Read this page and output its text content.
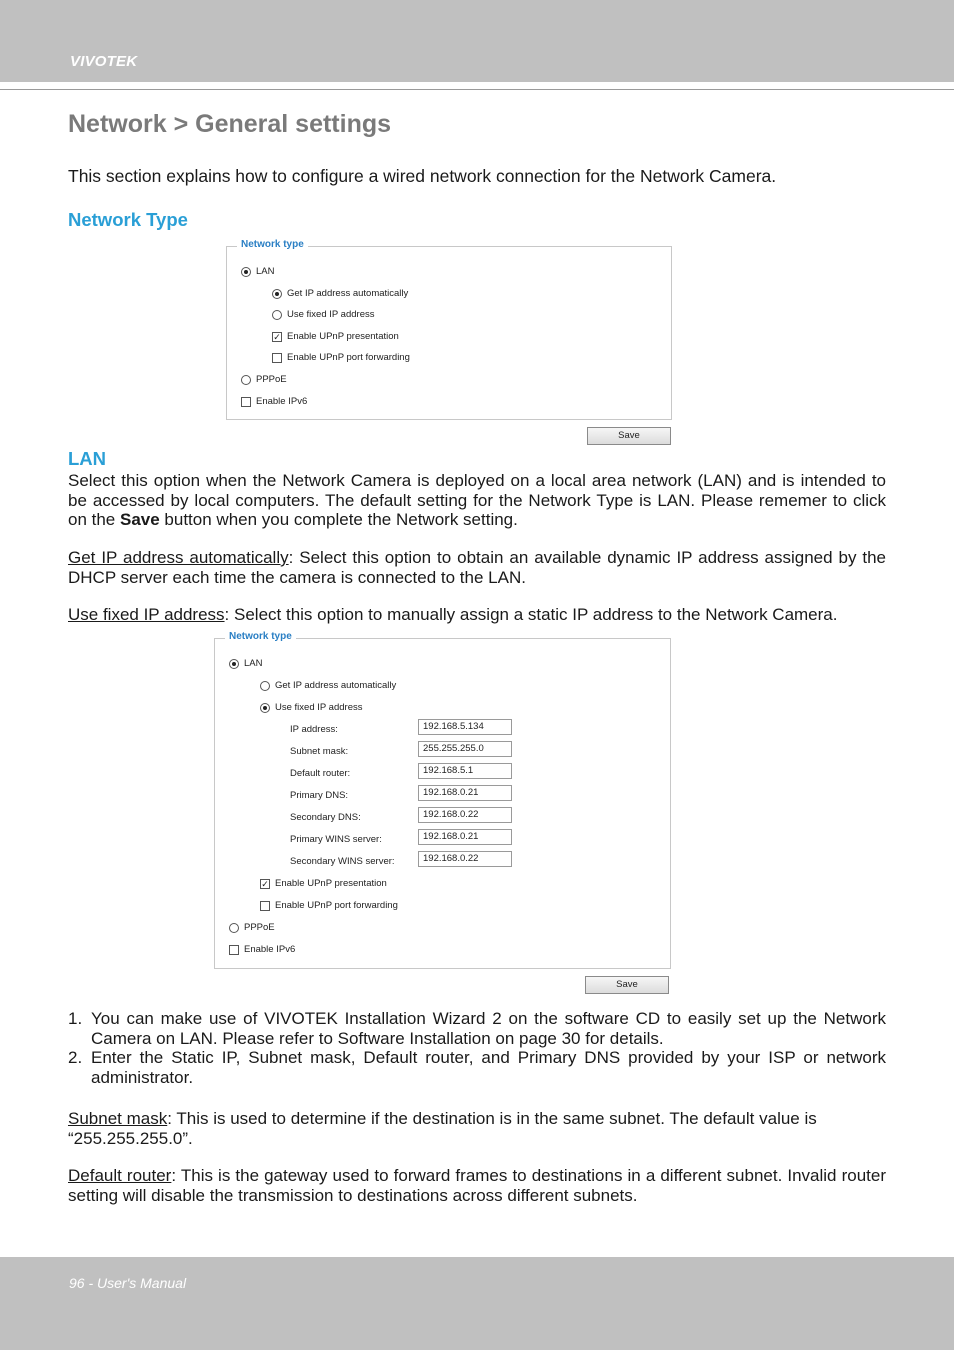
VIVOTEK
Network > General settings

This section explains how to configure a wired network connection for the Network Camera.

Network Type
Network type
LAN
Get IP address automatically
Use fixed IP address
✓ Enable UPnP presentation
Enable UPnP port forwarding
PPPoE
Enable IPv6
Save
LAN

Select this option when the Network Camera is deployed on a local area network (LAN) and is intended to be accessed by local computers. The default setting for the Network Type is LAN. Please rememer to click on the Save button when you complete the Network setting.

Get IP address automatically: Select this option to obtain an available dynamic IP address assigned by the DHCP server each time the camera is connected to the LAN.

Use fixed IP address: Select this option to manually assign a static IP address to the Network Camera.

Network type
LAN
Get IP address automatically
Use fixed IP address
IP address:	192.168.5.134
Subnet mask:	255.255.255.0
Default router:	192.168.5.1
Primary DNS:	192.168.0.21
Secondary DNS:	192.168.0.22
Primary WINS server:	192.168.0.21
Secondary WINS server:	192.168.0.22
✓ Enable UPnP presentation
Enable UPnP port forwarding
PPPoE
Enable IPv6
Save
1. You can make use of VIVOTEK Installation Wizard 2 on the software CD to easily set up the Network Camera on LAN. Please refer to Software Installation on page 30 for details.
2. Enter the Static IP, Subnet mask, Default router, and Primary DNS provided by your ISP or network administrator.

Subnet mask: This is used to determine if the destination is in the same subnet. The default value is “255.255.255.0”.

Default router: This is the gateway used to forward frames to destinations in a different subnet. Invalid router setting will disable the transmission to destinations across different subnets.

96 - User's Manual
